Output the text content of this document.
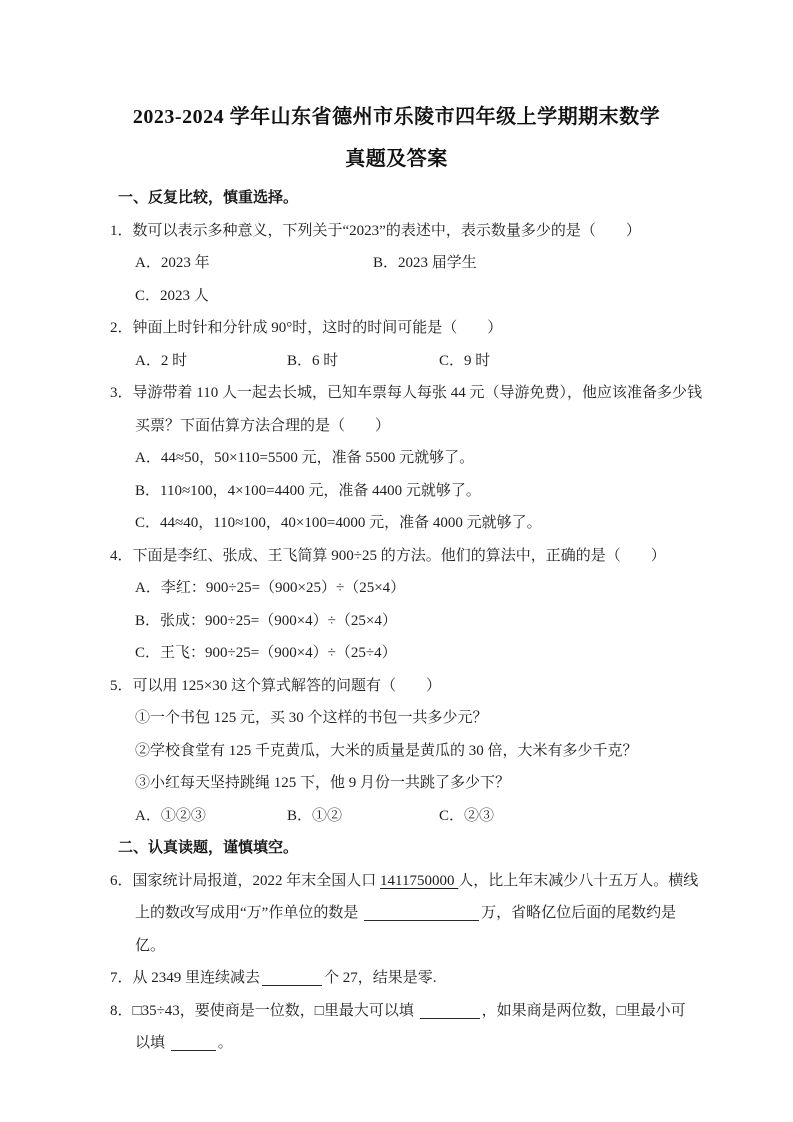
2023-2024 学年山东省德州市乐陵市四年级上学期期末数学
真题及答案
一、反复比较，慎重选择。
1．数可以表示多种意义，下列关于“2023”的表述中，表示数量多少的是（　　）
A．2023 年	B．2023 届学生
C．2023 人
2．钟面上时针和分针成 90°时，这时的时间可能是（　　）
A．2 时	B．6 时	C．9 时
3．导游带着 110 人一起去长城，已知车票每人每张 44 元（导游免费），他应该准备多少钱
买票？下面估算方法合理的是（　　）
A．44≈50，50×110=5500 元，准备 5500 元就够了。
B．110≈100，4×100=4400 元，准备 4400 元就够了。
C．44≈40，110≈100，40×100=4000 元，准备 4000 元就够了。
4．下面是李红、张成、王飞简算 900÷25 的方法。他们的算法中，正确的是（　　）
A．李红：900÷25=（900×25）÷（25×4）
B．张成：900÷25=（900×4）÷（25×4）
C．王飞：900÷25=（900×4）÷（25÷4）
5．可以用 125×30 这个算式解答的问题有（　　）
①一个书包 125 元，买 30 个这样的书包一共多少元？
②学校食堂有 125 千克黄瓜，大米的质量是黄瓜的 30 倍，大米有多少千克？
③小红每天坚持跳绳 125 下，他 9 月份一共跳了多少下？
A．①②③	B．①②	C．②③
二、认真读题，谨慎填空。
6．国家统计局报道，2022 年末全国人口 1411750000 人，比上年末减少八十五万人。横线
上的数改写成用“万”作单位的数是	万，省略亿位后面的尾数约是
亿。
7．从 2349 里连续减去	个 27，结果是零.
8．□35÷43，要使商是一位数，□里最大可以填	，如果商是两位数，□里最小可
以填	。
